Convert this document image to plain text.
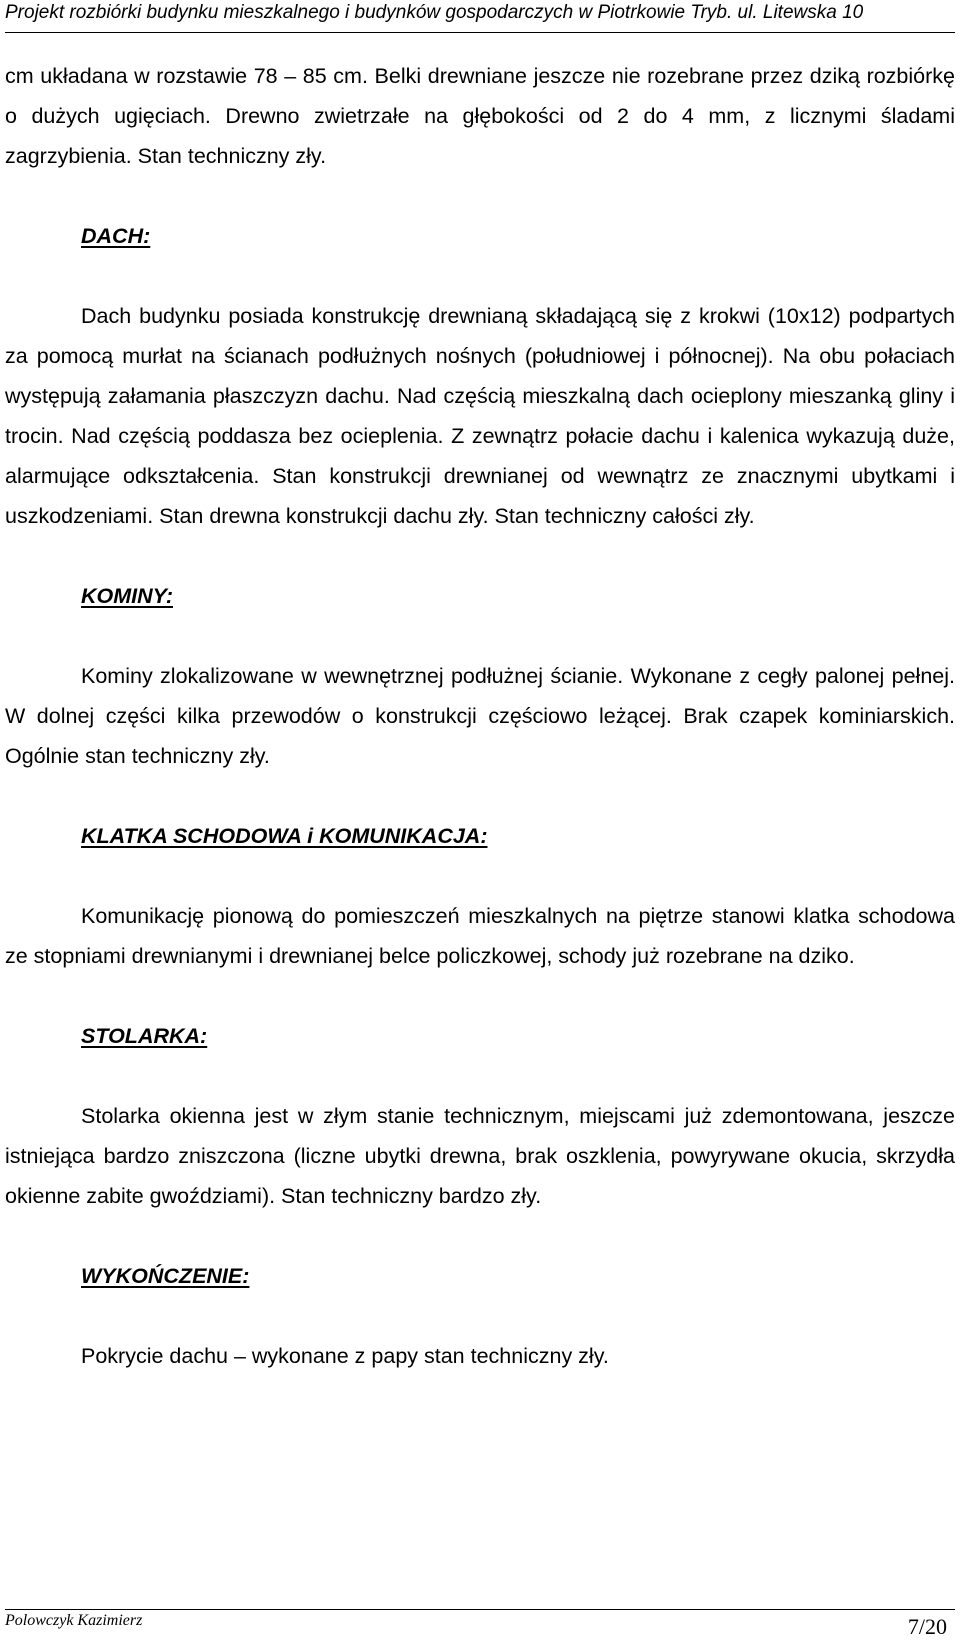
Projekt rozbiórki budynku mieszkalnego i budynków gospodarczych w Piotrkowie Tryb. ul. Litewska 10

cm układana w rozstawie 78 – 85 cm. Belki drewniane jeszcze nie rozebrane przez dziką rozbiórkę o dużych ugięciach. Drewno zwietrzałe na głębokości od 2 do 4 mm, z licznymi śladami zagrzybienia. Stan techniczny zły.

DACH:

Dach budynku posiada konstrukcję drewnianą składającą się z krokwi (10x12) podpartych za pomocą murłat na ścianach podłużnych nośnych (południowej i północnej). Na obu połaciach występują załamania płaszczyzn dachu. Nad częścią mieszkalną dach ocieplony mieszanką gliny i trocin. Nad częścią poddasza bez ocieplenia. Z zewnątrz połacie dachu i kalenica wykazują duże, alarmujące odkształcenia. Stan konstrukcji drewnianej od wewnątrz ze znacznymi ubytkami i uszkodzeniami. Stan drewna konstrukcji dachu zły. Stan techniczny całości zły.

KOMINY:

Kominy zlokalizowane w wewnętrznej podłużnej ścianie. Wykonane z cegły palonej pełnej. W dolnej części kilka przewodów o konstrukcji częściowo leżącej. Brak czapek kominiarskich. Ogólnie stan techniczny zły.

KLATKA SCHODOWA i KOMUNIKACJA:

Komunikację pionową do pomieszczeń mieszkalnych na piętrze stanowi klatka schodowa ze stopniami drewnianymi i drewnianej belce policzkowej, schody już rozebrane na dziko.

STOLARKA:

Stolarka okienna jest w złym stanie technicznym, miejscami już zdemontowana, jeszcze istniejąca bardzo zniszczona (liczne ubytki drewna, brak oszklenia, powyrywane okucia, skrzydła okienne zabite gwoździami). Stan techniczny bardzo zły.

WYKOŃCZENIE:

Pokrycie dachu – wykonane z papy stan techniczny zły.

Polowczyk Kazimierz	7/20
